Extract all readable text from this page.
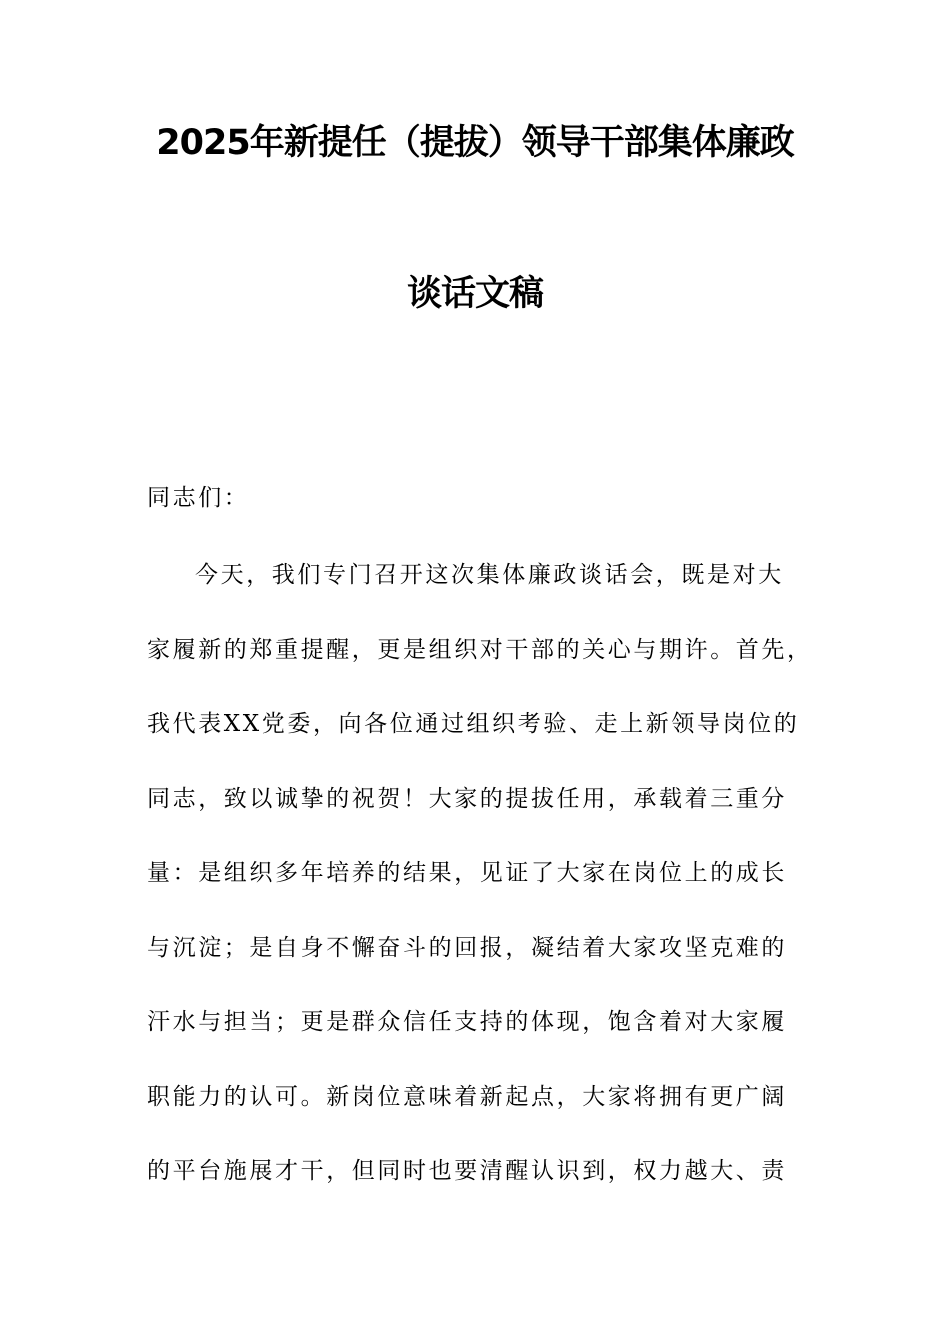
2025年新提任（提拔）领导干部集体廉政
谈话文稿
同志们：
今天，我们专门召开这次集体廉政谈话会，既是对大
家履新的郑重提醒，更是组织对干部的关心与期许。首先，
我代表XX党委，向各位通过组织考验、走上新领导岗位的
同志，致以诚挚的祝贺！大家的提拔任用，承载着三重分
量：是组织多年培养的结果，见证了大家在岗位上的成长
与沉淀；是自身不懈奋斗的回报，凝结着大家攻坚克难的
汗水与担当；更是群众信任支持的体现，饱含着对大家履
职能力的认可。新岗位意味着新起点，大家将拥有更广阔
的平台施展才干，但同时也要清醒认识到，权力越大、责
